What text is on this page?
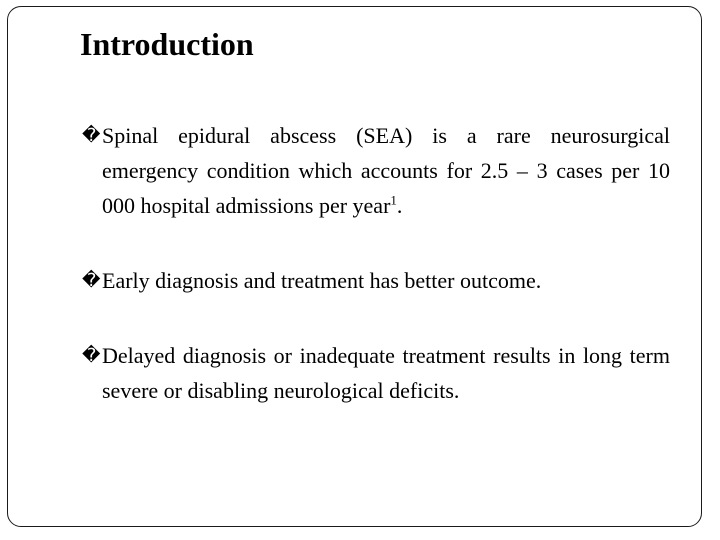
Introduction
� Spinal epidural abscess (SEA) is a rare neurosurgical emergency condition which accounts for 2.5 – 3 cases per 10 000 hospital admissions per year$^1$.
� Early diagnosis and treatment has better outcome.
� Delayed diagnosis or inadequate treatment results in long term severe or disabling neurological deficits.
